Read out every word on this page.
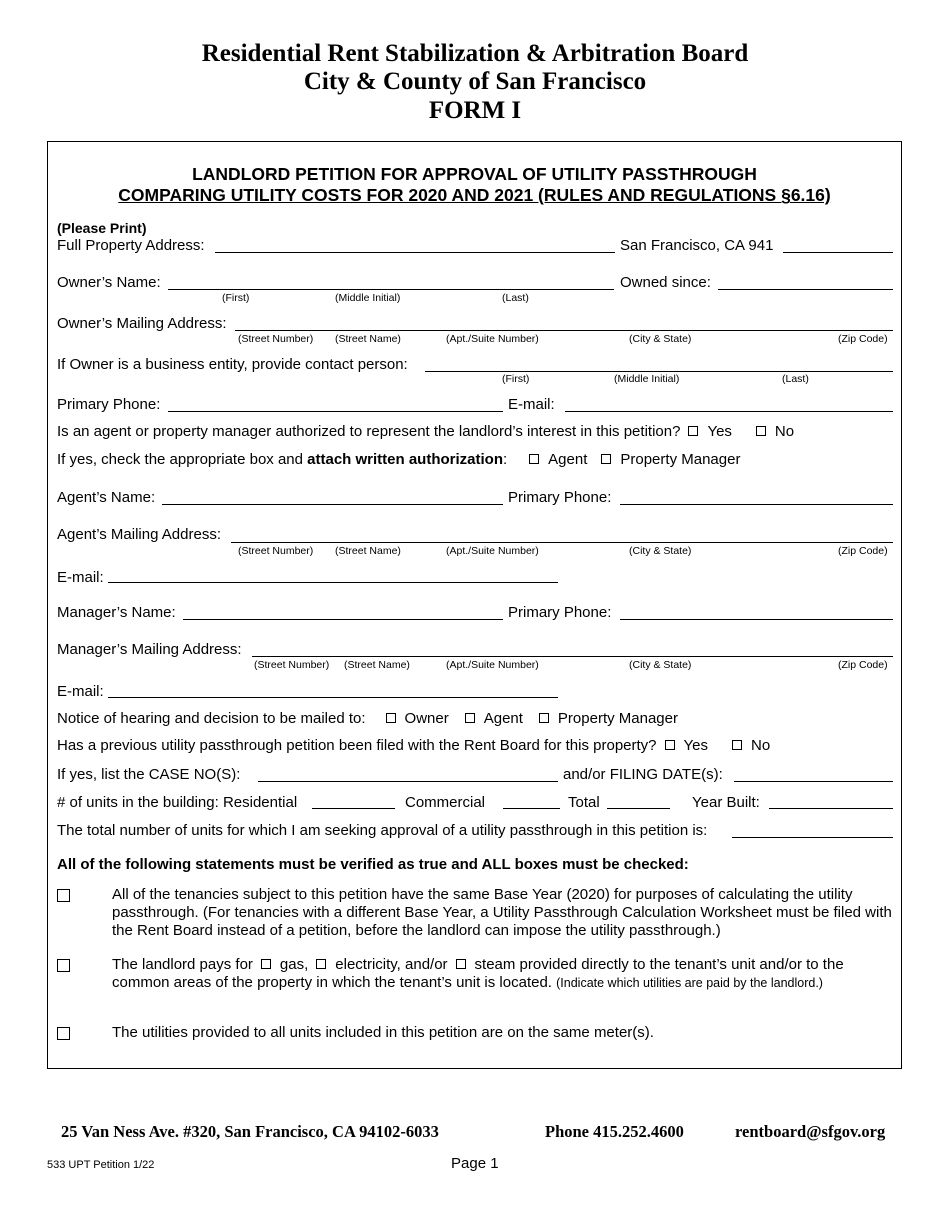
Residential Rent Stabilization & Arbitration Board
City & County of San Francisco
FORM I
LANDLORD PETITION FOR APPROVAL OF UTILITY PASSTHROUGH
COMPARING UTILITY COSTS FOR 2020 AND 2021 (RULES AND REGULATIONS §6.16)
(Please Print)
Full Property Address:	San Francisco, CA 941
Owner’s Name:
(First)	(Middle Initial)	(Last)
Owned since:
Owner’s Mailing Address:
(Street Number) (Street Name)	(Apt./Suite Number)	(City & State)	(Zip Code)
If Owner is a business entity, provide contact person:
(First)	(Middle Initial)	(Last)
Primary Phone:	E-mail:
Is an agent or property manager authorized to represent the landlord’s interest in this petition? Yes	No
If yes, check the appropriate box and attach written authorization:	Agent Property Manager
Agent’s Name:	Primary Phone:
Agent’s Mailing Address:
(Street Number) (Street Name)	(Apt./Suite Number)	(City & State)	(Zip Code)
E-mail:
Manager’s Name:	Primary Phone:
Manager’s Mailing Address:
(Street Number) (Street Name)	(Apt./Suite Number)	(City & State)	(Zip Code)
E-mail:
Notice of hearing and decision to be mailed to:	Owner Agent Property Manager
Has a previous utility passthrough petition been filed with the Rent Board for this property? Yes	No
If yes, list the CASE NO(S):	and/or FILING DATE(s):
# of units in the building: Residential	Commercial	Total	Year Built:
The total number of units for which I am seeking approval of a utility passthrough in this petition is:
All of the following statements must be verified as true and ALL boxes must be checked:
All of the tenancies subject to this petition have the same Base Year (2020) for purposes of calculating the utility passthrough. (For tenancies with a different Base Year, a Utility Passthrough Calculation Worksheet must be filed with the Rent Board instead of a petition, before the landlord can impose the utility passthrough.)
The landlord pays for gas, electricity, and/or steam provided directly to the tenant’s unit and/or to the common areas of the property in which the tenant’s unit is located. (Indicate which utilities are paid by the landlord.)
The utilities provided to all units included in this petition are on the same meter(s).
25 Van Ness Ave. #320, San Francisco, CA 94102-6033	Phone 415.252.4600	rentboard@sfgov.org
533 UPT Petition 1/22	Page 1
